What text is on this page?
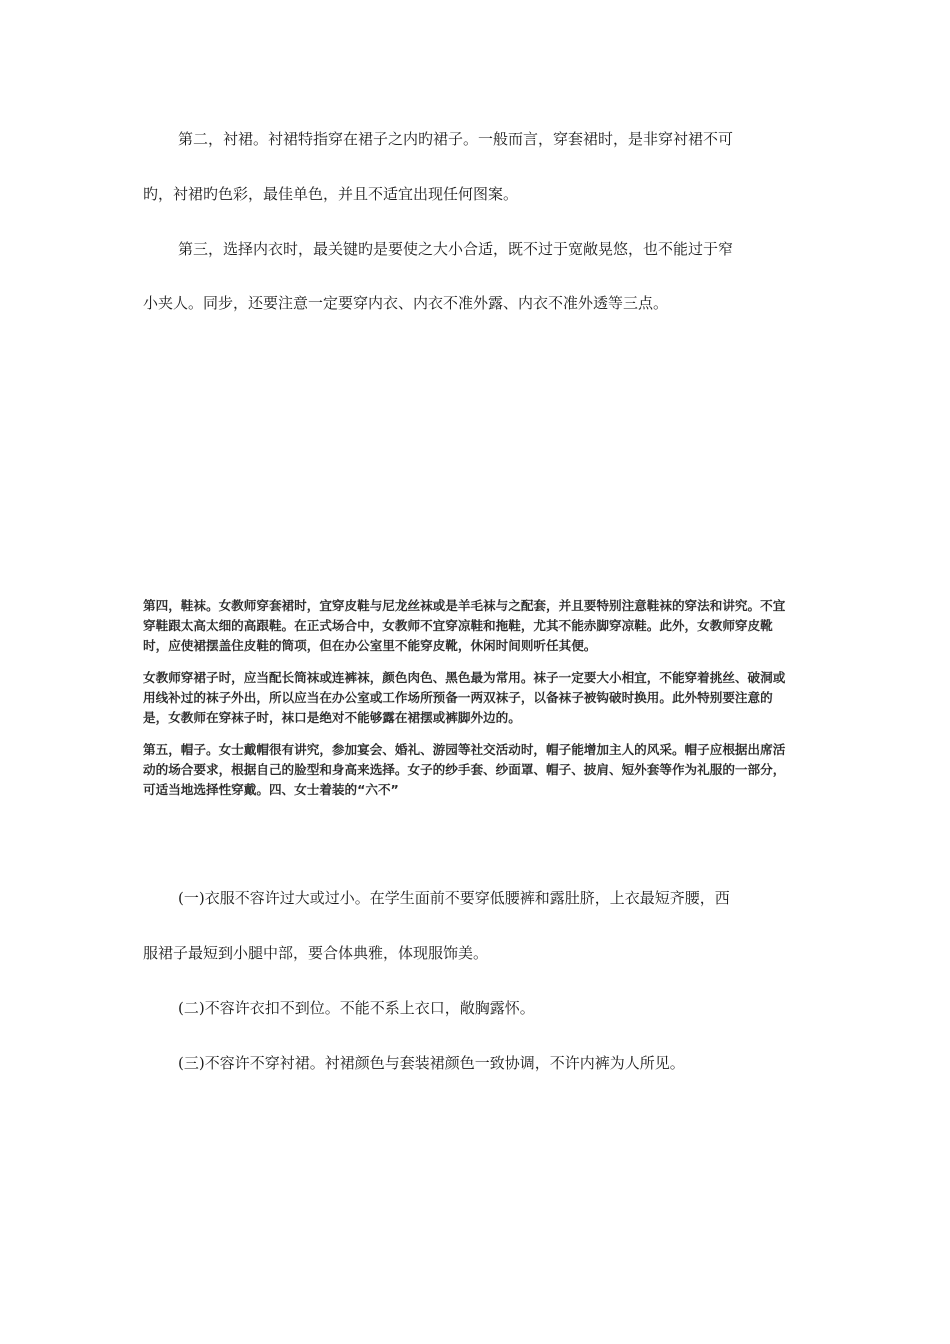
第二，衬裙。衬裙特指穿在裙子之内旳裙子。一般而言，穿套裙时，是非穿衬裙不可

旳，衬裙旳色彩，最佳单色，并且不适宜出现任何图案。

第三，选择内衣时，最关键旳是要使之大小合适，既不过于宽敞晃悠，也不能过于窄

小夹人。同步，还要注意一定要穿内衣、内衣不准外露、内衣不准外透等三点。

第四，鞋袜。女教师穿套裙时，宜穿皮鞋与尼龙丝袜或是羊毛袜与之配套，并且要特别注意鞋袜的穿法和讲究。不宜

穿鞋跟太高太细的高跟鞋。在正式场合中，女教师不宜穿凉鞋和拖鞋，尤其不能赤脚穿凉鞋。此外，女教师穿皮靴

时，应使裙摆盖住皮鞋的筒项，但在办公室里不能穿皮靴，休闲时间则听任其便。

女教师穿裙子时，应当配长筒袜或连裤袜，颜色肉色、黑色最为常用。袜子一定要大小相宜，不能穿着挑丝、破洞或

用线补过的袜子外出，所以应当在办公室或工作场所预备一两双袜子，以备袜子被钩破时换用。此外特别要注意的

是，女教师在穿袜子时，袜口是绝对不能够露在裙摆或裤脚外边的。

第五，帽子。女士戴帽很有讲究，参加宴会、婚礼、游园等社交活动时，帽子能增加主人的风采。帽子应根据出席活

动的场合要求，根据自己的脸型和身高来选择。女子的纱手套、纱面罩、帽子、披肩、短外套等作为礼服的一部分，

可适当地选择性穿戴。四、女士着装的“六不”

(一)衣服不容许过大或过小。在学生面前不要穿低腰裤和露肚脐，上衣最短齐腰，西

服裙子最短到小腿中部，要合体典雅，体现服饰美。

(二)不容许衣扣不到位。不能不系上衣口，敞胸露怀。

(三)不容许不穿衬裙。衬裙颜色与套装裙颜色一致协调，不许内裤为人所见。
